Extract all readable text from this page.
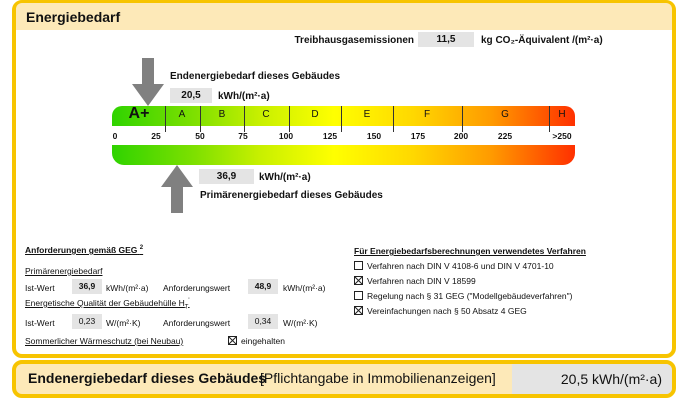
Energiebedarf
Treibhausgasemissionen	11,5	kg CO₂-Äquivalent /(m²·a)
Endenergiebedarf dieses Gebäudes
20,5	kWh/(m²·a)
A+	A	B	C	D	E	F	G	H
0	25	50	75	100	125	150	175	200	225	>250
36,9	kWh/(m²·a)
Primärenergiebedarf dieses Gebäudes
Anforderungen gemäß GEG $^2$
Primärenergiebedarf
Ist-Wert	36,9	kWh/(m²·a) Anforderungswert	48,9	kWh/(m²·a)
Energetische Qualität der Gebäudehülle $H_T'$
Ist-Wert	0,23	W/(m²·K)	Anforderungswert	0,34	W/(m²·K)
Sommerlicher Wärmeschutz (bei Neubau)	eingehalten
Für Energiebedarfsberechnungen verwendetes Verfahren
Verfahren nach DIN V 4108-6 und DIN V 4701-10
Verfahren nach DIN V 18599
Regelung nach § 31 GEG ("Modellgebäudeverfahren")
Vereinfachungen nach § 50 Absatz 4 GEG
Endenergiebedarf dieses Gebäudes
[Pflichtangabe in Immobilienanzeigen]	20,5 kWh/(m²·a)
